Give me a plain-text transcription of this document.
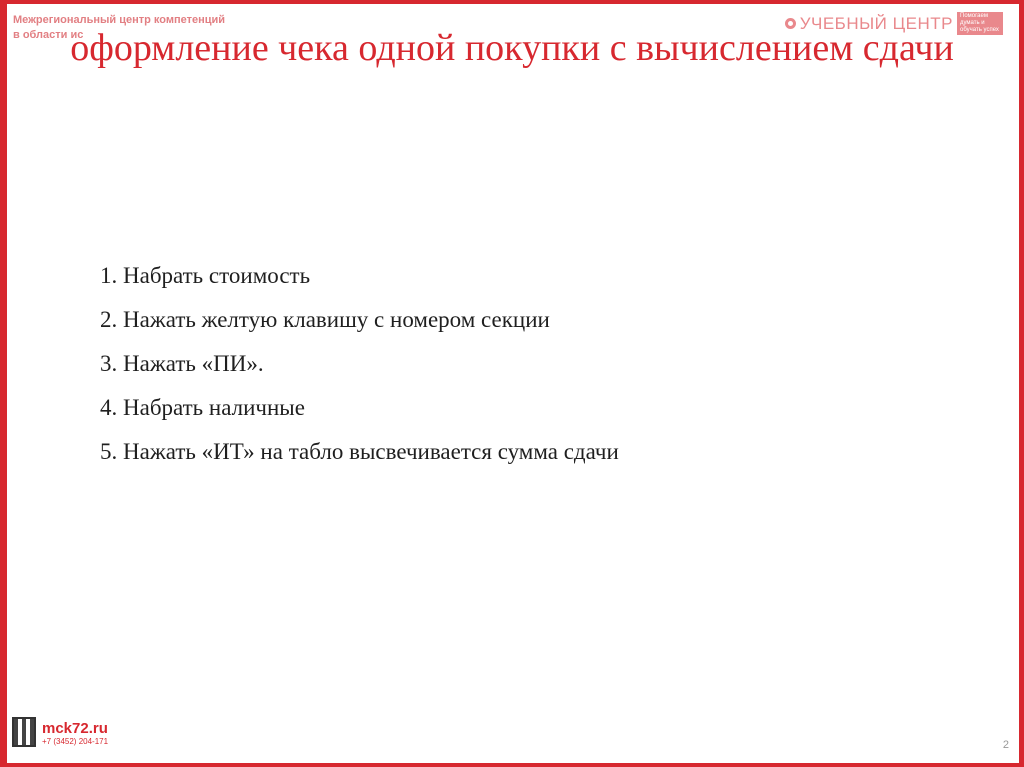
Межрегиональный центр компетенций
в области ис
УЧЕБНЫЙ ЦЕНТР	Помогаем думать и обучать успех
оформление чека одной покупки с вычислением сдачи
1. Набрать стоимость
2. Нажать желтую клавишу с номером секции
3. Нажать «ПИ».
4. Набрать наличные
5. Нажать «ИТ» на табло высвечивается сумма сдачи
mck72.ru
+7 (3452) 204-171	2
